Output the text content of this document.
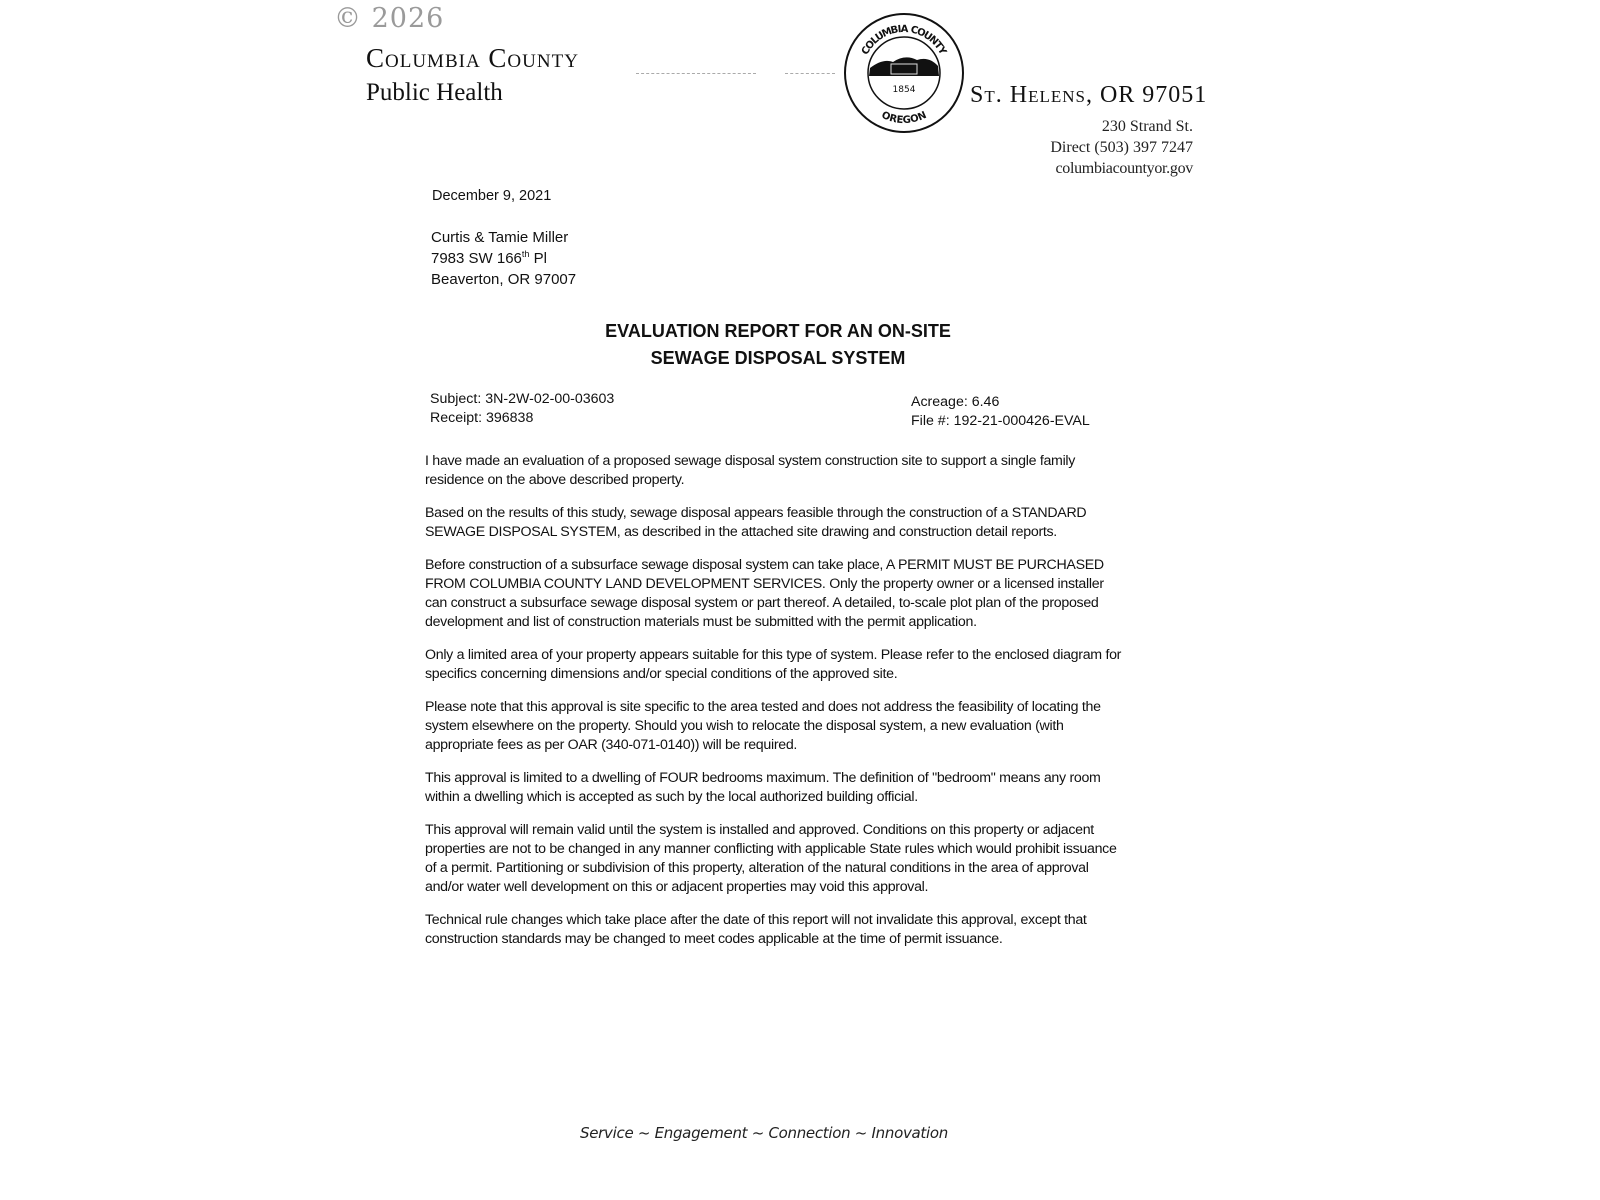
© 2026
Columbia County
Public Health	1854
COLUMBIA COUNTY
OREGON
St. Helens, OR 97051
230 Strand St.
Direct (503) 397 7247
columbiacountyor.gov
December 9, 2021
Curtis & Tamie Miller
7983 SW 166th Pl
Beaverton, OR 97007
EVALUATION REPORT FOR AN ON-SITE
SEWAGE DISPOSAL SYSTEM
Subject: 3N-2W-02-00-03603
Receipt: 396838
Acreage: 6.46
File #: 192-21-000426-EVAL

I have made an evaluation of a proposed sewage disposal system construction site to support a single family residence on the above described property.

Based on the results of this study, sewage disposal appears feasible through the construction of a STANDARD SEWAGE DISPOSAL SYSTEM, as described in the attached site drawing and construction detail reports.

Before construction of a subsurface sewage disposal system can take place, A PERMIT MUST BE PURCHASED FROM COLUMBIA COUNTY LAND DEVELOPMENT SERVICES. Only the property owner or a licensed installer can construct a subsurface sewage disposal system or part thereof. A detailed, to-scale plot plan of the proposed development and list of construction materials must be submitted with the permit application.

Only a limited area of your property appears suitable for this type of system. Please refer to the enclosed diagram for specifics concerning dimensions and/or special conditions of the approved site.

Please note that this approval is site specific to the area tested and does not address the feasibility of locating the system elsewhere on the property. Should you wish to relocate the disposal system, a new evaluation (with appropriate fees as per OAR (340-071-0140)) will be required.

This approval is limited to a dwelling of FOUR bedrooms maximum. The definition of "bedroom" means any room within a dwelling which is accepted as such by the local authorized building official.

This approval will remain valid until the system is installed and approved. Conditions on this property or adjacent properties are not to be changed in any manner conflicting with applicable State rules which would prohibit issuance of a permit. Partitioning or subdivision of this property, alteration of the natural conditions in the area of approval and/or water well development on this or adjacent properties may void this approval.

Technical rule changes which take place after the date of this report will not invalidate this approval, except that construction standards may be changed to meet codes applicable at the time of permit issuance.

Service ~ Engagement ~ Connection ~ Innovation
